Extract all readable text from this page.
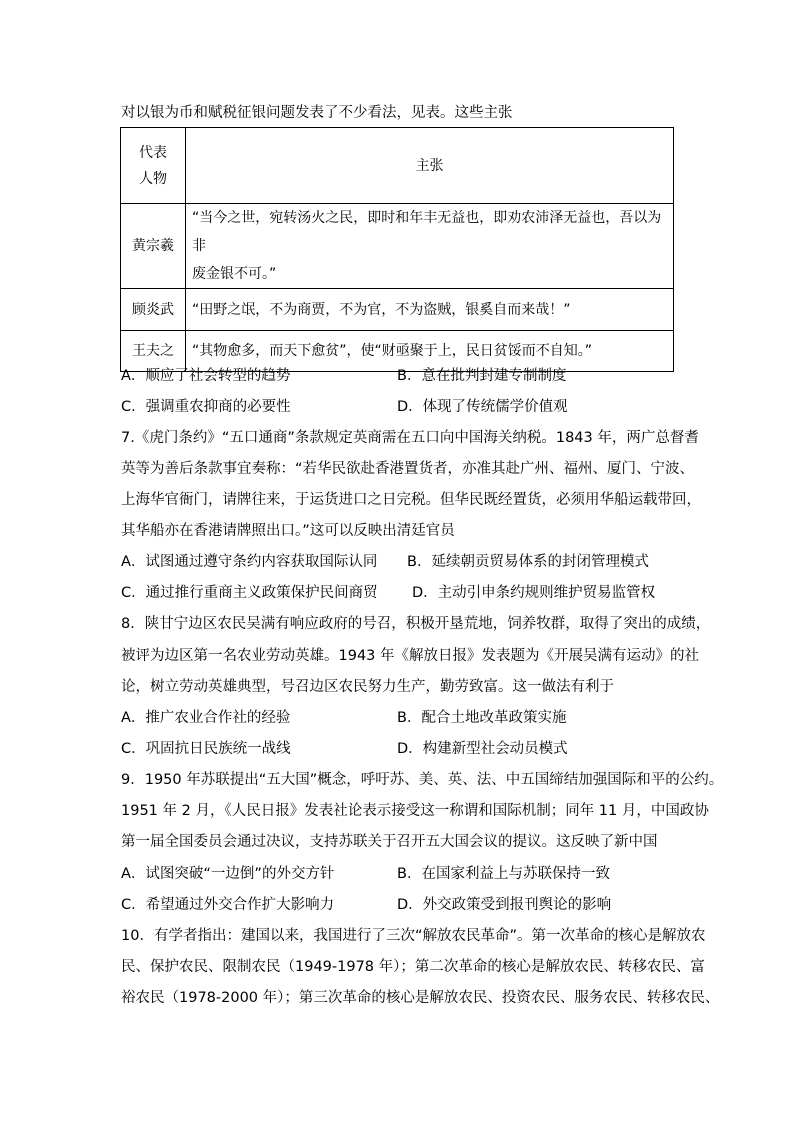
对以银为币和赋税征银问题发表了不少看法，见表。这些主张
代表人物	主张
黄宗羲	“当今之世，宛转汤火之民，即时和年丰无益也，即劝农沛泽无益也，吾以为非
废金银不可。”

顾炎武	“田野之氓，不为商贾，不为官，不为盗贼，银奚自而来哉！”
王夫之	“其物愈多，而天下愈贫”，使“财亟聚于上，民日贫馁而不自知。”
A．顺应了社会转型的趋势	B．意在批判封建专制制度
C．强调重农抑商的必要性	D．体现了传统儒学价值观
7.《虎门条约》“五口通商”条款规定英商需在五口向中国海关纳税。1843 年，两广总督耆
英等为善后条款事宜奏称：“若华民欲赴香港置货者，亦准其赴广州、福州、厦门、宁波、
上海华官衙门，请牌往来，于运货进口之日完税。但华民既经置货，必须用华船运载带回，
其华船亦在香港请牌照出口。”这可以反映出清廷官员
A．试图通过遵守条约内容获取国际认同 B．延续朝贡贸易体系的封闭管理模式
C．通过推行重商主义政策保护民间商贸 D．主动引申条约规则维护贸易监管权
8．陕甘宁边区农民吴满有响应政府的号召，积极开垦荒地，饲养牧群，取得了突出的成绩，
被评为边区第一名农业劳动英雄。1943 年《解放日报》发表题为《开展吴满有运动》的社
论，树立劳动英雄典型，号召边区农民努力生产，勤劳致富。这一做法有利于
A．推广农业合作社的经验	B．配合土地改革政策实施
C．巩固抗日民族统一战线	D．构建新型社会动员模式
9．1950 年苏联提出“五大国”概念，呼吁苏、美、英、法、中五国缔结加强国际和平的公约。
1951 年 2 月，《人民日报》发表社论表示接受这一称谓和国际机制；同年 11 月，中国政协
第一届全国委员会通过决议，支持苏联关于召开五大国会议的提议。这反映了新中国
A．试图突破“一边倒”的外交方针	B．在国家利益上与苏联保持一致
C．希望通过外交合作扩大影响力	D．外交政策受到报刊舆论的影响
10．有学者指出：建国以来，我国进行了三次“解放农民革命”。第一次革命的核心是解放农
民、保护农民、限制农民（1949-1978 年）；第二次革命的核心是解放农民、转移农民、富
裕农民（1978-2000 年）；第三次革命的核心是解放农民、投资农民、服务农民、转移农民、
